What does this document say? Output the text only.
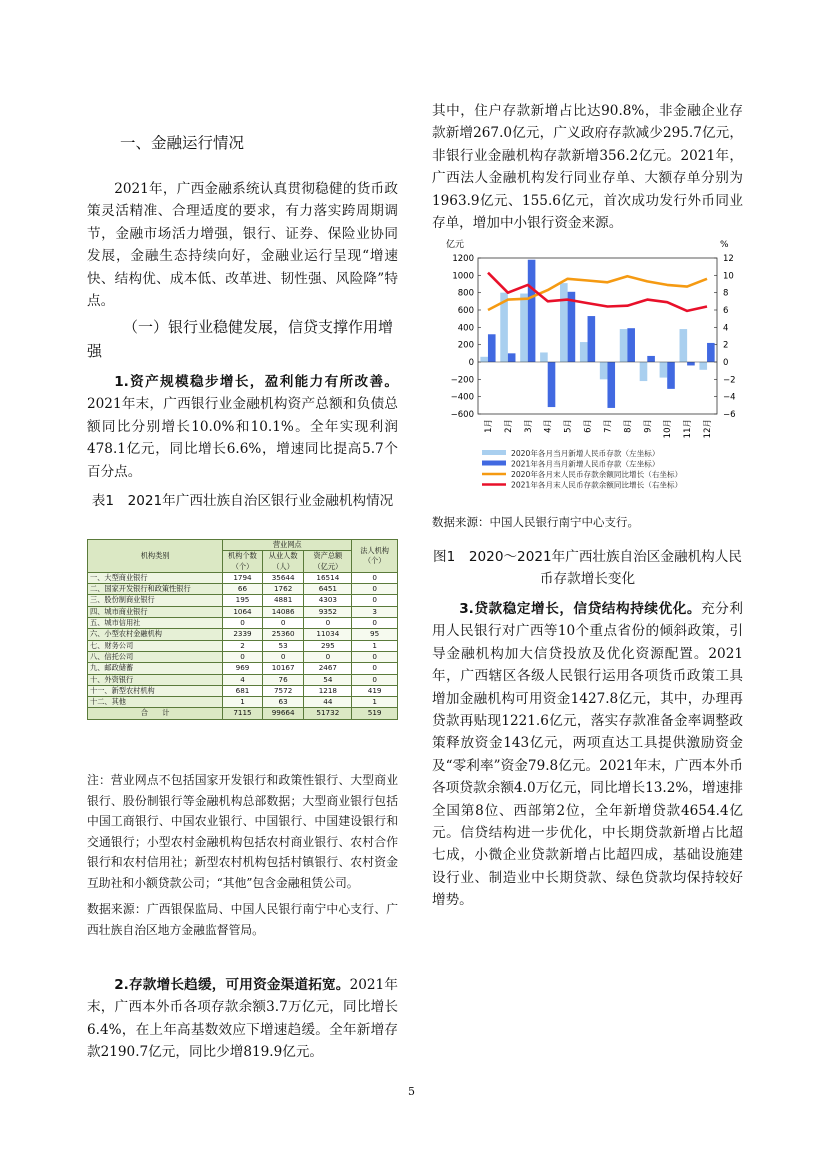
一、金融运行情况

2021年，广西金融系统认真贯彻稳健的货币政策灵活精准、合理适度的要求，有力落实跨周期调节，金融市场活力增强，银行、证券、保险业协同发展，金融生态持续向好，金融业运行呈现“增速快、结构优、成本低、改革进、韧性强、风险降”特点。

（一）银行业稳健发展，信贷支撑作用增强

1.资产规模稳步增长，盈利能力有所改善。2021年末，广西银行业金融机构资产总额和负债总额同比分别增长10.0%和10.1%。全年实现利润478.1亿元，同比增长6.6%，增速同比提高5.7个百分点。

表1　2021年广西壮族自治区银行业金融机构情况
机构类别	营业网点			法人机构（个）
	机构个数（个）	从业人数（人）	资产总额（亿元）	
一、大型商业银行	1794	35644	16514	0
二、国家开发银行和政策性银行	66	1762	6451	0
三、股份制商业银行	195	4881	4303	0
四、城市商业银行	1064	14086	9352	3
五、城市信用社	0	0	0	0
六、小型农村金融机构	2339	25360	11034	95
七、财务公司	2	53	295	1
八、信托公司	0	0	0	0
九、邮政储蓄	969	10167	2467	0
十、外资银行	4	76	54	0
十一、新型农村机构	681	7572	1218	419
十二、其他	1	63	44	1
合　　计	7115	99664	51732	519
注：营业网点不包括国家开发银行和政策性银行、大型商业银行、股份制银行等金融机构总部数据；大型商业银行包括中国工商银行、中国农业银行、中国银行、中国建设银行和交通银行；小型农村金融机构包括农村商业银行、农村合作银行和农村信用社；新型农村机构包括村镇银行、农村资金互助社和小额贷款公司；“其他”包含金融租赁公司。
数据来源：广西银保监局、中国人民银行南宁中心支行、广西壮族自治区地方金融监督管局。

2.存款增长趋缓，可用资金渠道拓宽。2021年末，广西本外币各项存款余额3.7万亿元，同比增长6.4%，在上年高基数效应下增速趋缓。全年新增存款2190.7亿元，同比少增819.9亿元。

其中，住户存款新增占比达90.8%，非金融企业存款新增267.0亿元，广义政府存款减少295.7亿元，非银行业金融机构存款新增356.2亿元。2021年，广西法人金融机构发行同业存单、大额存单分别为1963.9亿元、155.6亿元，首次成功发行外币同业存单，增加中小银行资金来源。

亿元	%
1200	12
1000	10
800	8
600	6
400	4
200	2
0	0
−200	−2
−400	−4
−600	−6
1月 2月 3月 4月 5月 6月 7月 8月 9月 10月 11月 12月
2020年各月当月新增人民币存款（左坐标）
2021年各月当月新增人民币存款（左坐标）
2020年各月末人民币存款余额同比增长（右坐标）
2021年各月末人民币存款余额同比增长（右坐标）
数据来源：中国人民银行南宁中心支行。
图1　2020～2021年广西壮族自治区金融机构人民币存款增长变化

3.贷款稳定增长，信贷结构持续优化。充分利用人民银行对广西等10个重点省份的倾斜政策，引导金融机构加大信贷投放及优化资源配置。2021年，广西辖区各级人民银行运用各项货币政策工具增加金融机构可用资金1427.8亿元，其中，办理再贷款再贴现1221.6亿元，落实存款准备金率调整政策释放资金143亿元，两项直达工具提供激励资金及“零利率”资金79.8亿元。2021年末，广西本外币各项贷款余额4.0万亿元，同比增长13.2%，增速排全国第8位、西部第2位，全年新增贷款4654.4亿元。信贷结构进一步优化，中长期贷款新增占比超七成，小微企业贷款新增占比超四成，基础设施建设行业、制造业中长期贷款、绿色贷款均保持较好增势。

5
